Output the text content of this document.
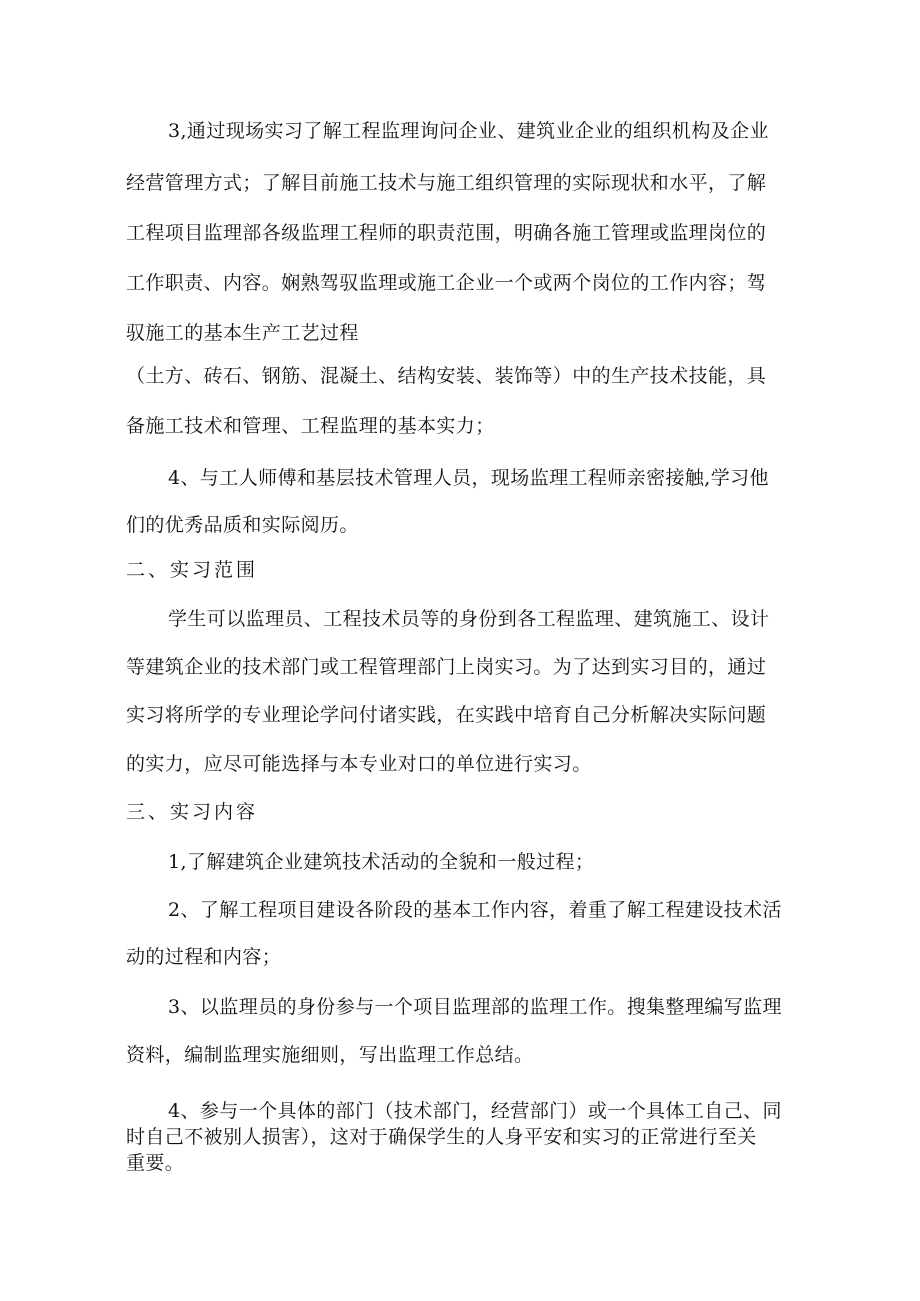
3,通过现场实习了解工程监理询问企业、建筑业企业的组织机构及企业
经营管理方式；了解目前施工技术与施工组织管理的实际现状和水平，了解
工程项目监理部各级监理工程师的职责范围，明确各施工管理或监理岗位的
工作职责、内容。娴熟驾驭监理或施工企业一个或两个岗位的工作内容；驾
驭施工的基本生产工艺过程
（土方、砖石、钢筋、混凝土、结构安装、装饰等）中的生产技术技能，具
备施工技术和管理、工程监理的基本实力；
4、与工人师傅和基层技术管理人员，现场监理工程师亲密接触,学习他
们的优秀品质和实际阅历。
二、实习范围
学生可以监理员、工程技术员等的身份到各工程监理、建筑施工、设计
等建筑企业的技术部门或工程管理部门上岗实习。为了达到实习目的，通过
实习将所学的专业理论学问付诸实践，在实践中培育自己分析解决实际问题
的实力，应尽可能选择与本专业对口的单位进行实习。
三、实习内容
1,了解建筑企业建筑技术活动的全貌和一般过程；
2、了解工程项目建设各阶段的基本工作内容，着重了解工程建设技术活
动的过程和内容；
3、以监理员的身份参与一个项目监理部的监理工作。搜集整理编写监理
资料，编制监理实施细则，写出监理工作总结。
4、参与一个具体的部门（技术部门，经营部门）或一个具体工自己、同
时自己不被别人损害），这对于确保学生的人身平安和实习的正常进行至关
重要。
